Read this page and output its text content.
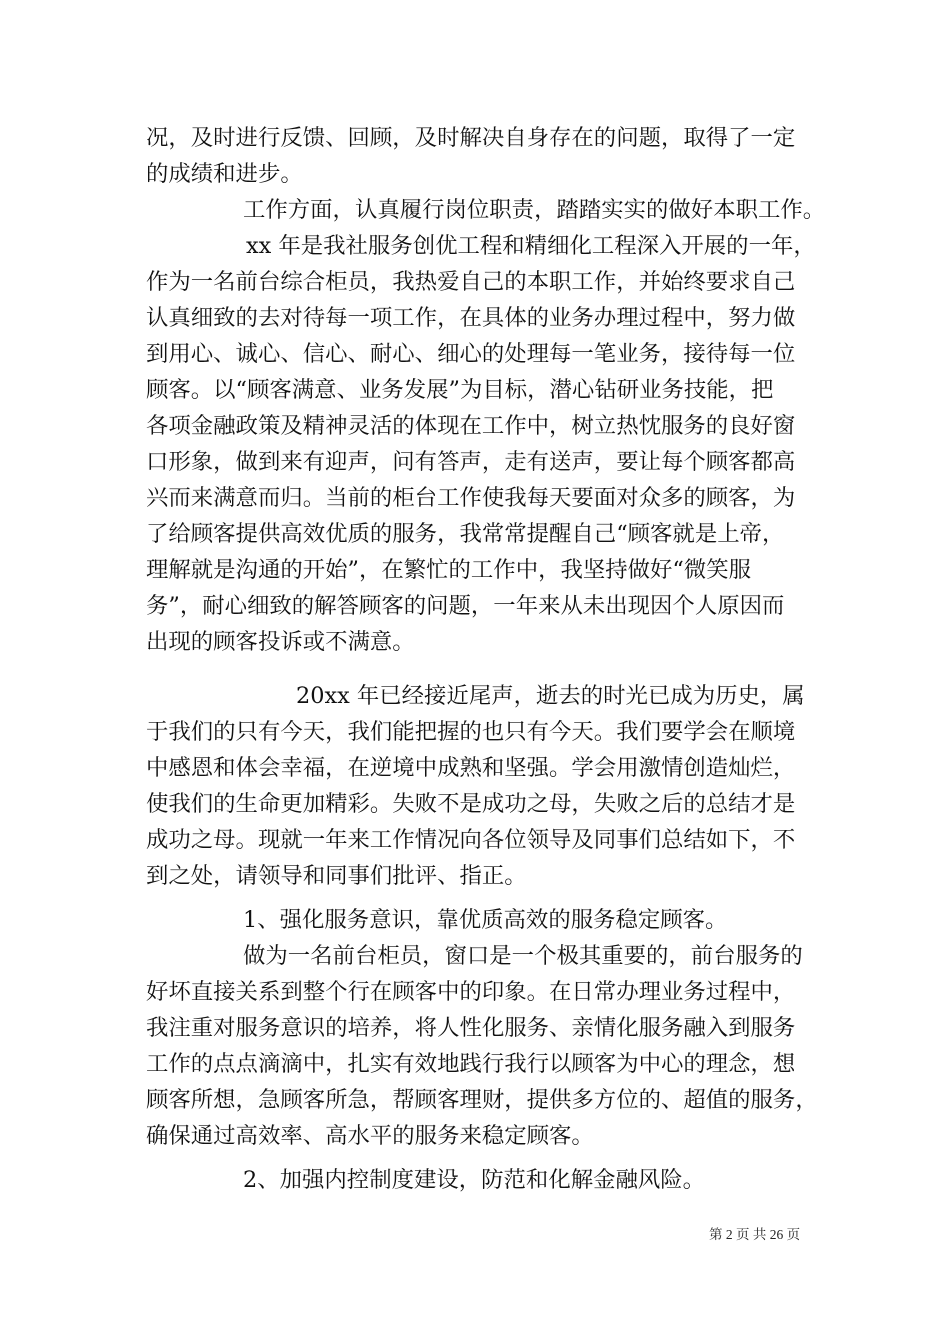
况，及时进行反馈、回顾，及时解决自身存在的问题，取得了一定
的成绩和进步。
工作方面，认真履行岗位职责，踏踏实实的做好本职工作。
xx 年是我社服务创优工程和精细化工程深入开展的一年，
作为一名前台综合柜员，我热爱自己的本职工作，并始终要求自己
认真细致的去对待每一项工作，在具体的业务办理过程中，努力做
到用心、诚心、信心、耐心、细心的处理每一笔业务，接待每一位
顾客。以“顾客满意、业务发展”为目标，潜心钻研业务技能，把
各项金融政策及精神灵活的体现在工作中，树立热忱服务的良好窗
口形象，做到来有迎声，问有答声，走有送声，要让每个顾客都高
兴而来满意而归。当前的柜台工作使我每天要面对众多的顾客，为
了给顾客提供高效优质的服务，我常常提醒自己“顾客就是上帝，
理解就是沟通的开始”，在繁忙的工作中，我坚持做好“微笑服
务”，耐心细致的解答顾客的问题，一年来从未出现因个人原因而
出现的顾客投诉或不满意。
20xx 年已经接近尾声，逝去的时光已成为历史，属
于我们的只有今天，我们能把握的也只有今天。我们要学会在顺境
中感恩和体会幸福，在逆境中成熟和坚强。学会用激情创造灿烂，
使我们的生命更加精彩。失败不是成功之母，失败之后的总结才是
成功之母。现就一年来工作情况向各位领导及同事们总结如下，不
到之处，请领导和同事们批评、指正。
1、强化服务意识，靠优质高效的服务稳定顾客。
做为一名前台柜员，窗口是一个极其重要的，前台服务的
好坏直接关系到整个行在顾客中的印象。在日常办理业务过程中，
我注重对服务意识的培养，将人性化服务、亲情化服务融入到服务
工作的点点滴滴中，扎实有效地践行我行以顾客为中心的理念，想
顾客所想，急顾客所急，帮顾客理财，提供多方位的、超值的服务，
确保通过高效率、高水平的服务来稳定顾客。
2、加强内控制度建设，防范和化解金融风险。
第 2 页 共 26 页
